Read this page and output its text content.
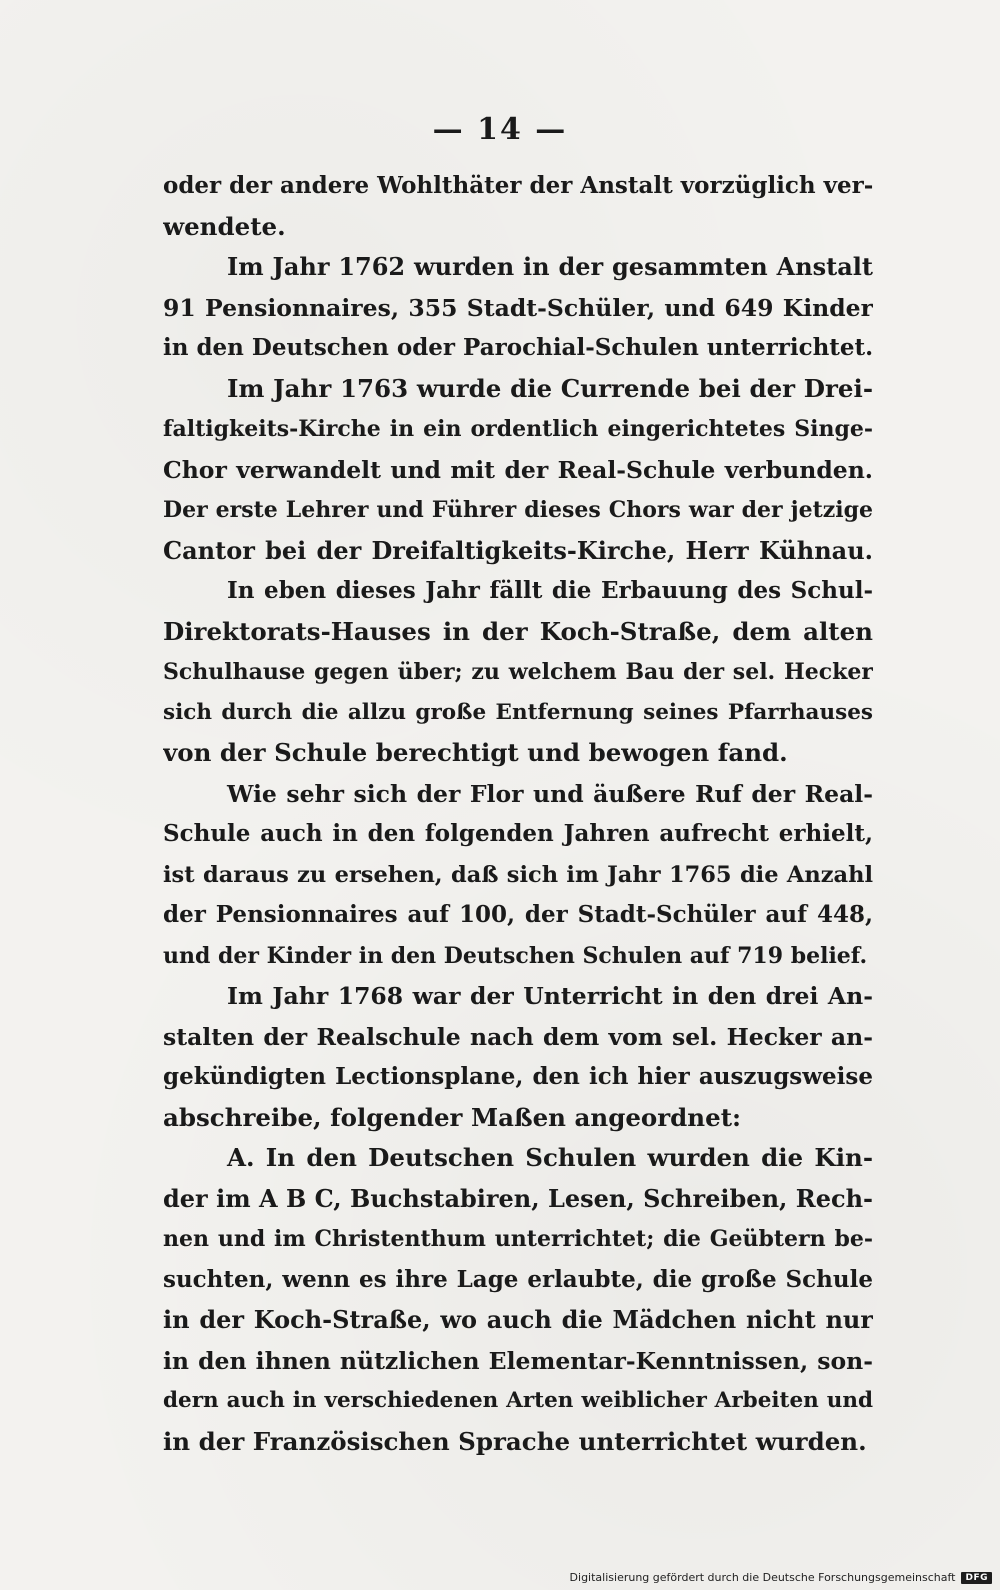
— 14 —
oder der andere Wohlthäter der Anstalt vorzüglich ver-
wendete.
Im Jahr 1762 wurden in der gesammten Anstalt
91 Pensionnaires, 355 Stadt-Schüler, und 649 Kinder
in den Deutschen oder Parochial-Schulen unterrichtet.
Im Jahr 1763 wurde die Currende bei der Drei-
faltigkeits-Kirche in ein ordentlich eingerichtetes Singe-
Chor verwandelt und mit der Real-Schule verbunden.
Der erste Lehrer und Führer dieses Chors war der jetzige
Cantor bei der Dreifaltigkeits-Kirche, Herr Kühnau.
In eben dieses Jahr fällt die Erbauung des Schul-
Direktorats-Hauses in der Koch-Straße, dem alten
Schulhause gegen über; zu welchem Bau der sel. Hecker
sich durch die allzu große Entfernung seines Pfarrhauses
von der Schule berechtigt und bewogen fand.
Wie sehr sich der Flor und äußere Ruf der Real-
Schule auch in den folgenden Jahren aufrecht erhielt,
ist daraus zu ersehen, daß sich im Jahr 1765 die Anzahl
der Pensionnaires auf 100, der Stadt-Schüler auf 448,
und der Kinder in den Deutschen Schulen auf 719 belief.
Im Jahr 1768 war der Unterricht in den drei An-
stalten der Realschule nach dem vom sel. Hecker an-
gekündigten Lectionsplane, den ich hier auszugsweise
abschreibe, folgender Maßen angeordnet:
A. In den Deutschen Schulen wurden die Kin-
der im A B C, Buchstabiren, Lesen, Schreiben, Rech-
nen und im Christenthum unterrichtet; die Geübtern be-
suchten, wenn es ihre Lage erlaubte, die große Schule
in der Koch-Straße, wo auch die Mädchen nicht nur
in den ihnen nützlichen Elementar-Kenntnissen, son-
dern auch in verschiedenen Arten weiblicher Arbeiten und
in der Französischen Sprache unterrichtet wurden.
Digitalisierung gefördert durch die Deutsche Forschungsgemeinschaft	DFG
